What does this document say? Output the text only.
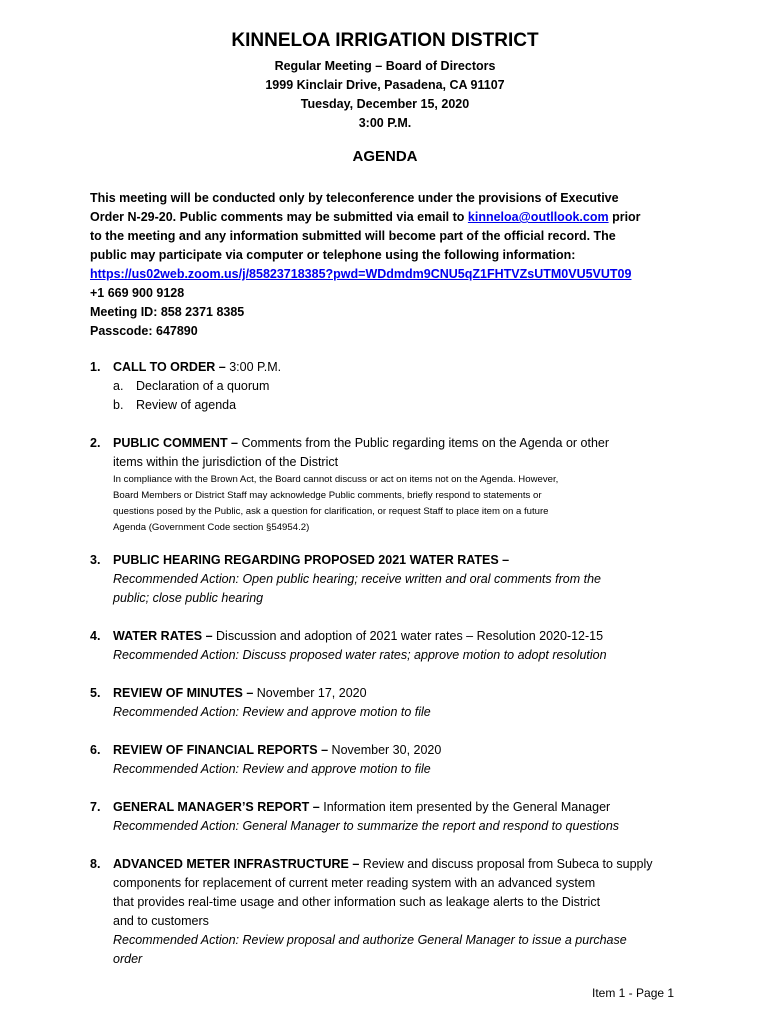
KINNELOA IRRIGATION DISTRICT
Regular Meeting – Board of Directors
1999 Kinclair Drive, Pasadena, CA 91107
Tuesday, December 15, 2020
3:00 P.M.
AGENDA
This meeting will be conducted only by teleconference under the provisions of Executive
Order N-29-20. Public comments may be submitted via email to kinneloa@outllook.com prior
to the meeting and any information submitted will become part of the official record. The
public may participate via computer or telephone using the following information:
https://us02web.zoom.us/j/85823718385?pwd=WDdmdm9CNU5qZ1FHTVZsUTM0VU5VUT09
+1 669 900 9128
Meeting ID: 858 2371 8385
Passcode: 647890
1. CALL TO ORDER – 3:00 P.M.
a. Declaration of a quorum
b. Review of agenda
2. PUBLIC COMMENT – Comments from the Public regarding items on the Agenda or other
items within the jurisdiction of the District
In compliance with the Brown Act, the Board cannot discuss or act on items not on the Agenda. However,
Board Members or District Staff may acknowledge Public comments, briefly respond to statements or
questions posed by the Public, ask a question for clarification, or request Staff to place item on a future
Agenda (Government Code section §54954.2)
3. PUBLIC HEARING REGARDING PROPOSED 2021 WATER RATES –
Recommended Action: Open public hearing; receive written and oral comments from the
public; close public hearing
4. WATER RATES – Discussion and adoption of 2021 water rates – Resolution 2020-12-15
Recommended Action: Discuss proposed water rates; approve motion to adopt resolution
5. REVIEW OF MINUTES – November 17, 2020
Recommended Action: Review and approve motion to file
6. REVIEW OF FINANCIAL REPORTS – November 30, 2020
Recommended Action: Review and approve motion to file
7. GENERAL MANAGER’S REPORT – Information item presented by the General Manager
Recommended Action: General Manager to summarize the report and respond to questions
8. ADVANCED METER INFRASTRUCTURE – Review and discuss proposal from Subeca to supply
components for replacement of current meter reading system with an advanced system
that provides real-time usage and other information such as leakage alerts to the District
and to customers
Recommended Action: Review proposal and authorize General Manager to issue a purchase
order
Item 1 - Page 1
